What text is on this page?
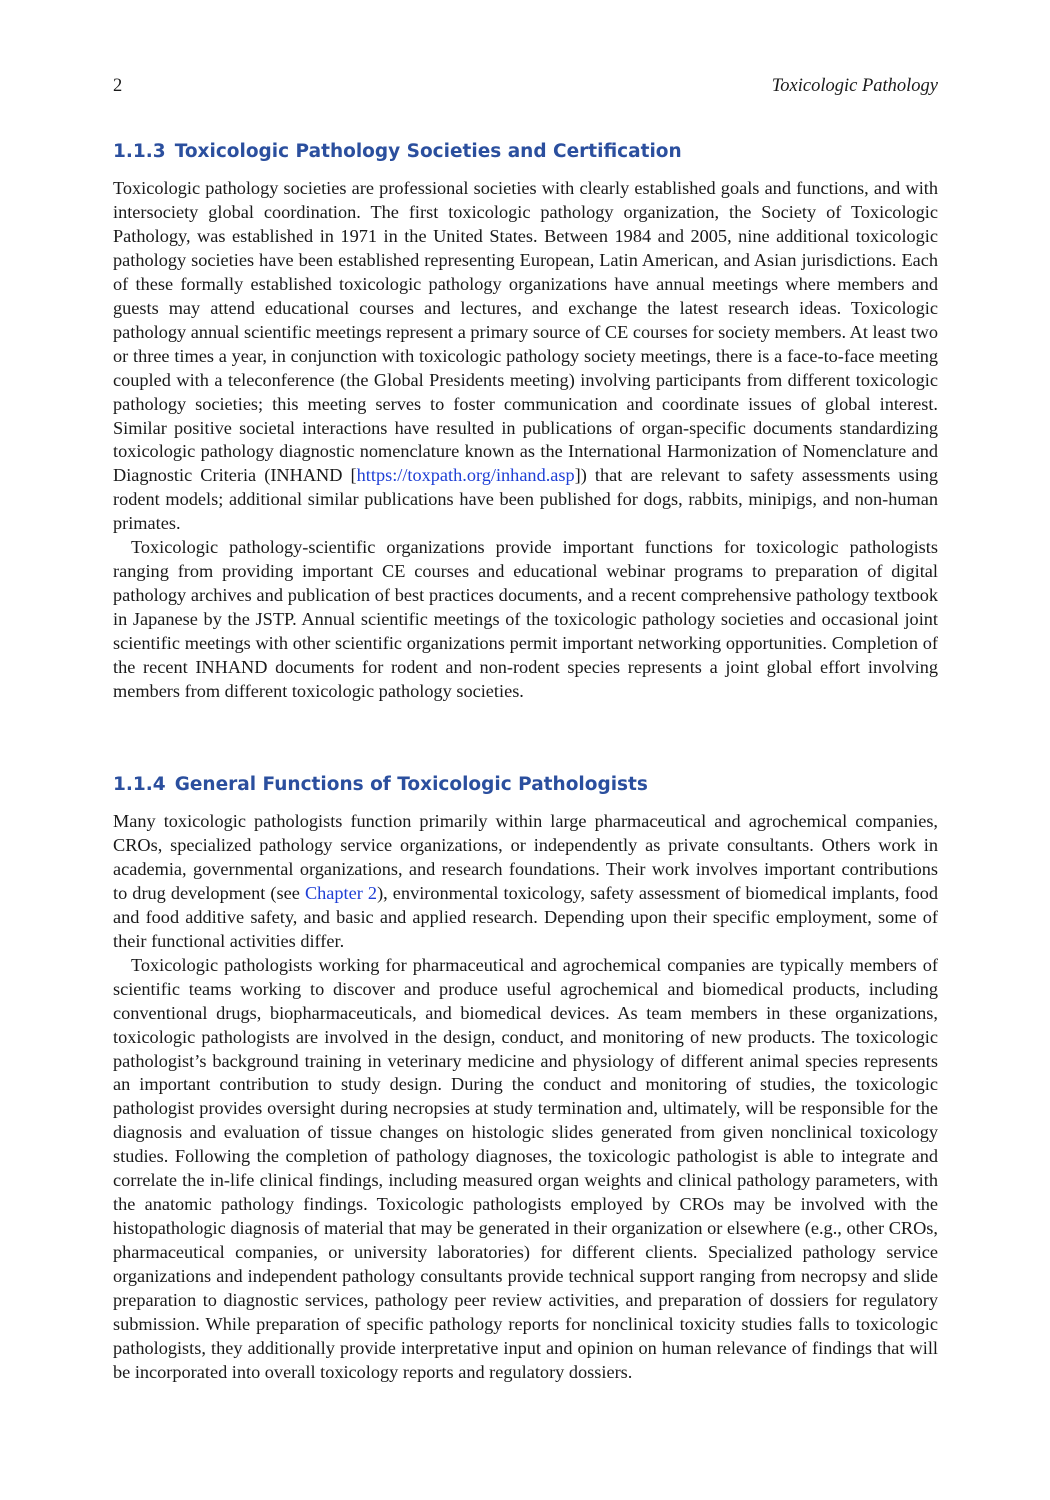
2	Toxicologic Pathology
1.1.3 Toxicologic Pathology Societies and Certification

Toxicologic pathology societies are professional societies with clearly established goals and functions, and with intersociety global coordination. The first toxicologic pathology organization, the Society of Toxicologic Pathology, was established in 1971 in the United States. Between 1984 and 2005, nine additional toxicologic pathology societies have been established representing European, Latin American, and Asian jurisdictions. Each of these formally established toxicologic pathology organizations have annual meetings where members and guests may attend educational courses and lectures, and exchange the latest research ideas. Toxicologic pathology annual scientific meetings represent a primary source of CE courses for society members. At least two or three times a year, in conjunction with toxicologic pathology society meetings, there is a face-to-face meeting coupled with a teleconference (the Global Presidents meeting) involving participants from different toxicologic pathology societies; this meeting serves to foster communication and coordinate issues of global interest. Similar positive societal interactions have resulted in publications of organ-specific documents standardizing toxicologic pathology diagnostic nomenclature known as the International Harmonization of Nomenclature and Diagnostic Criteria (INHAND [https://toxpath.org/inhand.asp]) that are relevant to safety assessments using rodent models; additional similar publications have been published for dogs, rabbits, minipigs, and non-human primates.

Toxicologic pathology-scientific organizations provide important functions for toxicologic pathologists ranging from providing important CE courses and educational webinar programs to preparation of digital pathology archives and publication of best practices documents, and a recent comprehensive pathology textbook in Japanese by the JSTP. Annual scientific meetings of the toxicologic pathology societies and occasional joint scientific meetings with other scientific organizations permit important networking opportunities. Completion of the recent INHAND documents for rodent and non-rodent species represents a joint global effort involving members from different toxicologic pathology societies.

1.1.4 General Functions of Toxicologic Pathologists

Many toxicologic pathologists function primarily within large pharmaceutical and agrochemical companies, CROs, specialized pathology service organizations, or independently as private consultants. Others work in academia, governmental organizations, and research foundations. Their work involves important contributions to drug development (see Chapter 2), environmental toxicology, safety assessment of biomedical implants, food and food additive safety, and basic and applied research. Depending upon their specific employment, some of their functional activities differ.

Toxicologic pathologists working for pharmaceutical and agrochemical companies are typically members of scientific teams working to discover and produce useful agrochemical and biomedical products, including conventional drugs, biopharmaceuticals, and biomedical devices. As team members in these organizations, toxicologic pathologists are involved in the design, conduct, and monitoring of new products. The toxicologic pathologist’s background training in veterinary medicine and physiology of different animal species represents an important contribution to study design. During the conduct and monitoring of studies, the toxicologic pathologist provides oversight during necropsies at study termination and, ultimately, will be responsible for the diagnosis and evaluation of tissue changes on histologic slides generated from given nonclinical toxicology studies. Following the completion of pathology diagnoses, the toxicologic pathologist is able to integrate and correlate the in-life clinical findings, including measured organ weights and clinical pathology parameters, with the anatomic pathology findings. Toxicologic pathologists employed by CROs may be involved with the histopathologic diagnosis of material that may be generated in their organization or elsewhere (e.g., other CROs, pharmaceutical companies, or university laboratories) for different clients. Specialized pathology service organizations and independent pathology consultants provide technical support ranging from necropsy and slide preparation to diagnostic services, pathology peer review activities, and preparation of dossiers for regulatory submission. While preparation of specific pathology reports for nonclinical toxicity studies falls to toxicologic pathologists, they additionally provide interpretative input and opinion on human relevance of findings that will be incorporated into overall toxicology reports and regulatory dossiers.
